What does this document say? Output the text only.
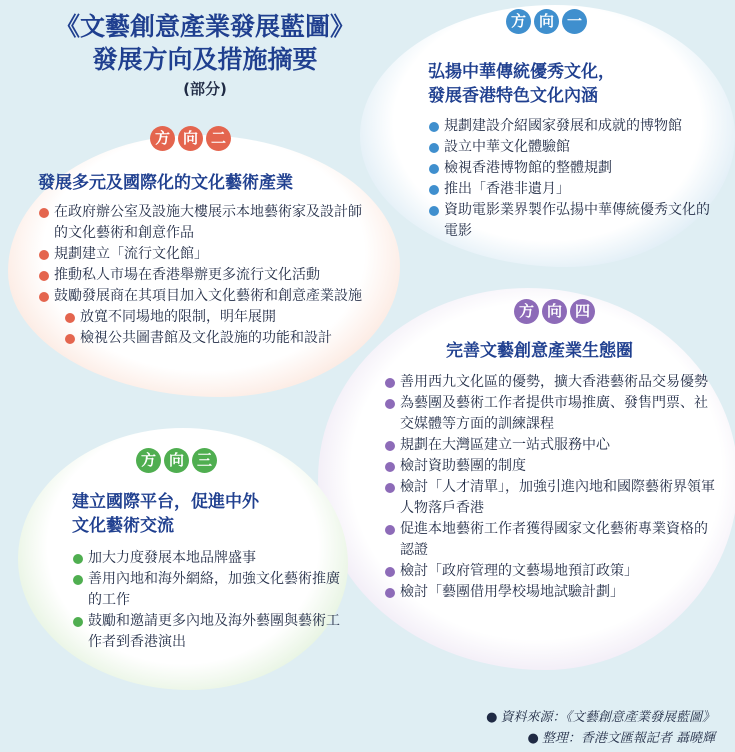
《文藝創意產業發展藍圖》
發展方向及措施摘要
(部分)
方 向 一
弘揚中華傳統優秀文化，
發展香港特色文化內涵
規劃建設介紹國家發展和成就的博物館
設立中華文化體驗館
檢視香港博物館的整體規劃
推出「香港非遺月」
資助電影業界製作弘揚中華傳統優秀文化的電影
方 向 二
發展多元及國際化的文化藝術產業
在政府辦公室及設施大樓展示本地藝術家及設計師的文化藝術和創意作品
規劃建立「流行文化館」
推動私人市場在香港舉辦更多流行文化活動
鼓勵發展商在其項目加入文化藝術和創意產業設施
放寬不同場地的限制，明年展開
檢視公共圖書館及文化設施的功能和設計
方 向 四
完善文藝創意產業生態圈
善用西九文化區的優勢，擴大香港藝術品交易優勢
為藝團及藝術工作者提供市場推廣、發售門票、社交媒體等方面的訓練課程
規劃在大灣區建立一站式服務中心
檢討資助藝團的制度
檢討「人才清單」，加強引進內地和國際藝術界領軍人物落戶香港
促進本地藝術工作者獲得國家文化藝術專業資格的認證
檢討「政府管理的文藝場地預訂政策」
檢討「藝團借用學校場地試驗計劃」
方 向 三
建立國際平台，促進中外
文化藝術交流
加大力度發展本地品牌盛事
善用內地和海外網絡，加強文化藝術推廣的工作
鼓勵和邀請更多內地及海外藝團與藝術工作者到香港演出
● 資料來源：《文藝創意產業發展藍圖》
● 整理：香港文匯報記者 聶曉輝
